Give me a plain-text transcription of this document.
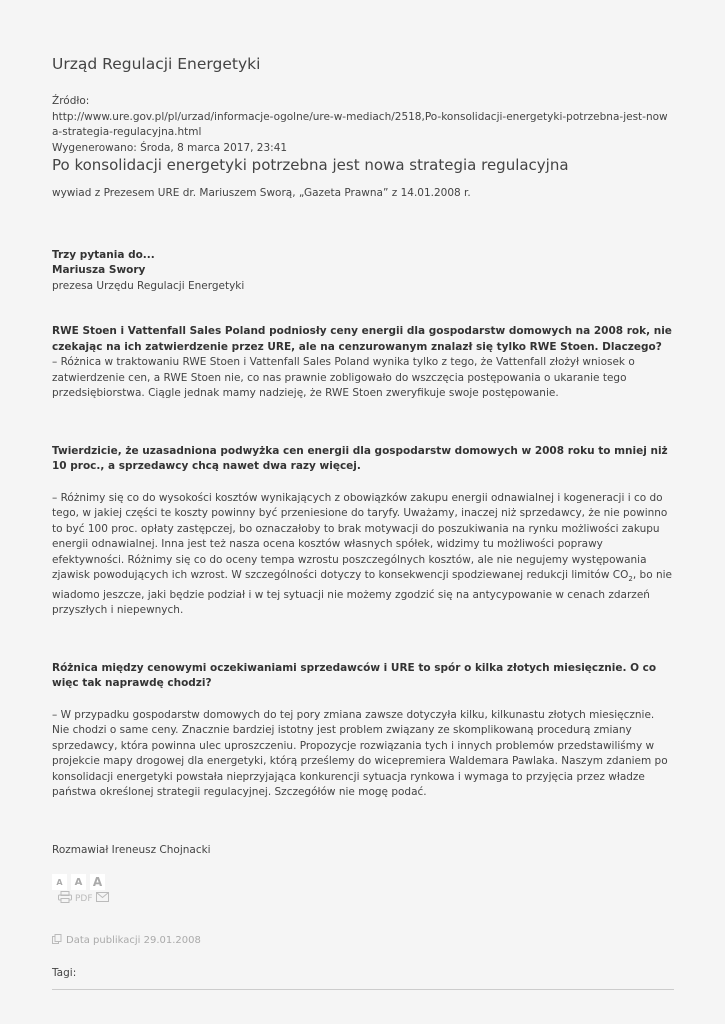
Urząd Regulacji Energetyki
Źródło:
http://www.ure.gov.pl/pl/urzad/informacje-ogolne/ure-w-mediach/2518,Po-konsolidacji-energetyki-potrzebna-jest-nowa-strategia-regulacyjna.html
Wygenerowano: Środa, 8 marca 2017, 23:41
Po konsolidacji energetyki potrzebna jest nowa strategia regulacyjna
wywiad z Prezesem URE dr. Mariuszem Sworą, „Gazeta Prawna” z 14.01.2008 r.

Trzy pytania do...

Mariusza Swory

prezesa Urzędu Regulacji Energetyki

RWE Stoen i Vattenfall Sales Poland podniosły ceny energii dla gospodarstw domowych na 2008 rok, nie czekając na ich zatwierdzenie przez URE, ale na cenzurowanym znalazł się tylko RWE Stoen. Dlaczego?

– Różnica w traktowaniu RWE Stoen i Vattenfall Sales Poland wynika tylko z tego, że Vattenfall złożył wniosek o zatwierdzenie cen, a RWE Stoen nie, co nas prawnie zobligowało do wszczęcia postępowania o ukaranie tego przedsiębiorstwa. Ciągle jednak mamy nadzieję, że RWE Stoen zweryfikuje swoje postępowanie.

Twierdzicie, że uzasadniona podwyżka cen energii dla gospodarstw domowych w 2008 roku to mniej niż 10 proc., a sprzedawcy chcą nawet dwa razy więcej.

– Różnimy się co do wysokości kosztów wynikających z obowiązków zakupu energii odnawialnej i kogeneracji i co do tego, w jakiej części te koszty powinny być przeniesione do taryfy. Uważamy, inaczej niż sprzedawcy, że nie powinno to być 100 proc. opłaty zastępczej, bo oznaczałoby to brak motywacji do poszukiwania na rynku możliwości zakupu energii odnawialnej. Inna jest też nasza ocena kosztów własnych spółek, widzimy tu możliwości poprawy efektywności. Różnimy się co do oceny tempa wzrostu poszczególnych kosztów, ale nie negujemy występowania zjawisk powodujących ich wzrost. W szczególności dotyczy to konsekwencji spodziewanej redukcji limitów $CO_2$, bo nie wiadomo jeszcze, jaki będzie podział i w tej sytuacji nie możemy zgodzić się na antycypowanie w cenach zdarzeń przyszłych i niepewnych.

Różnica między cenowymi oczekiwaniami sprzedawców i URE to spór o kilka złotych miesięcznie. O co więc tak naprawdę chodzi?

– W przypadku gospodarstw domowych do tej pory zmiana zawsze dotyczyła kilku, kilkunastu złotych miesięcznie. Nie chodzi o same ceny. Znacznie bardziej istotny jest problem związany ze skomplikowaną procedurą zmiany sprzedawcy, która powinna ulec uproszczeniu. Propozycje rozwiązania tych i innych problemów przedstawiliśmy w projekcie mapy drogowej dla energetyki, którą prześlemy do wicepremiera Waldemara Pawlaka. Naszym zdaniem po konsolidacji energetyki powstała nieprzyjająca konkurencji sytuacja rynkowa i wymaga to przyjęcia przez władze państwa określonej strategii regulacyjnej. Szczegółów nie mogę podać.

Rozmawiał Ireneusz Chojnacki

A	A A
PDF
Data publikacji 29.01.2008
Tagi:
